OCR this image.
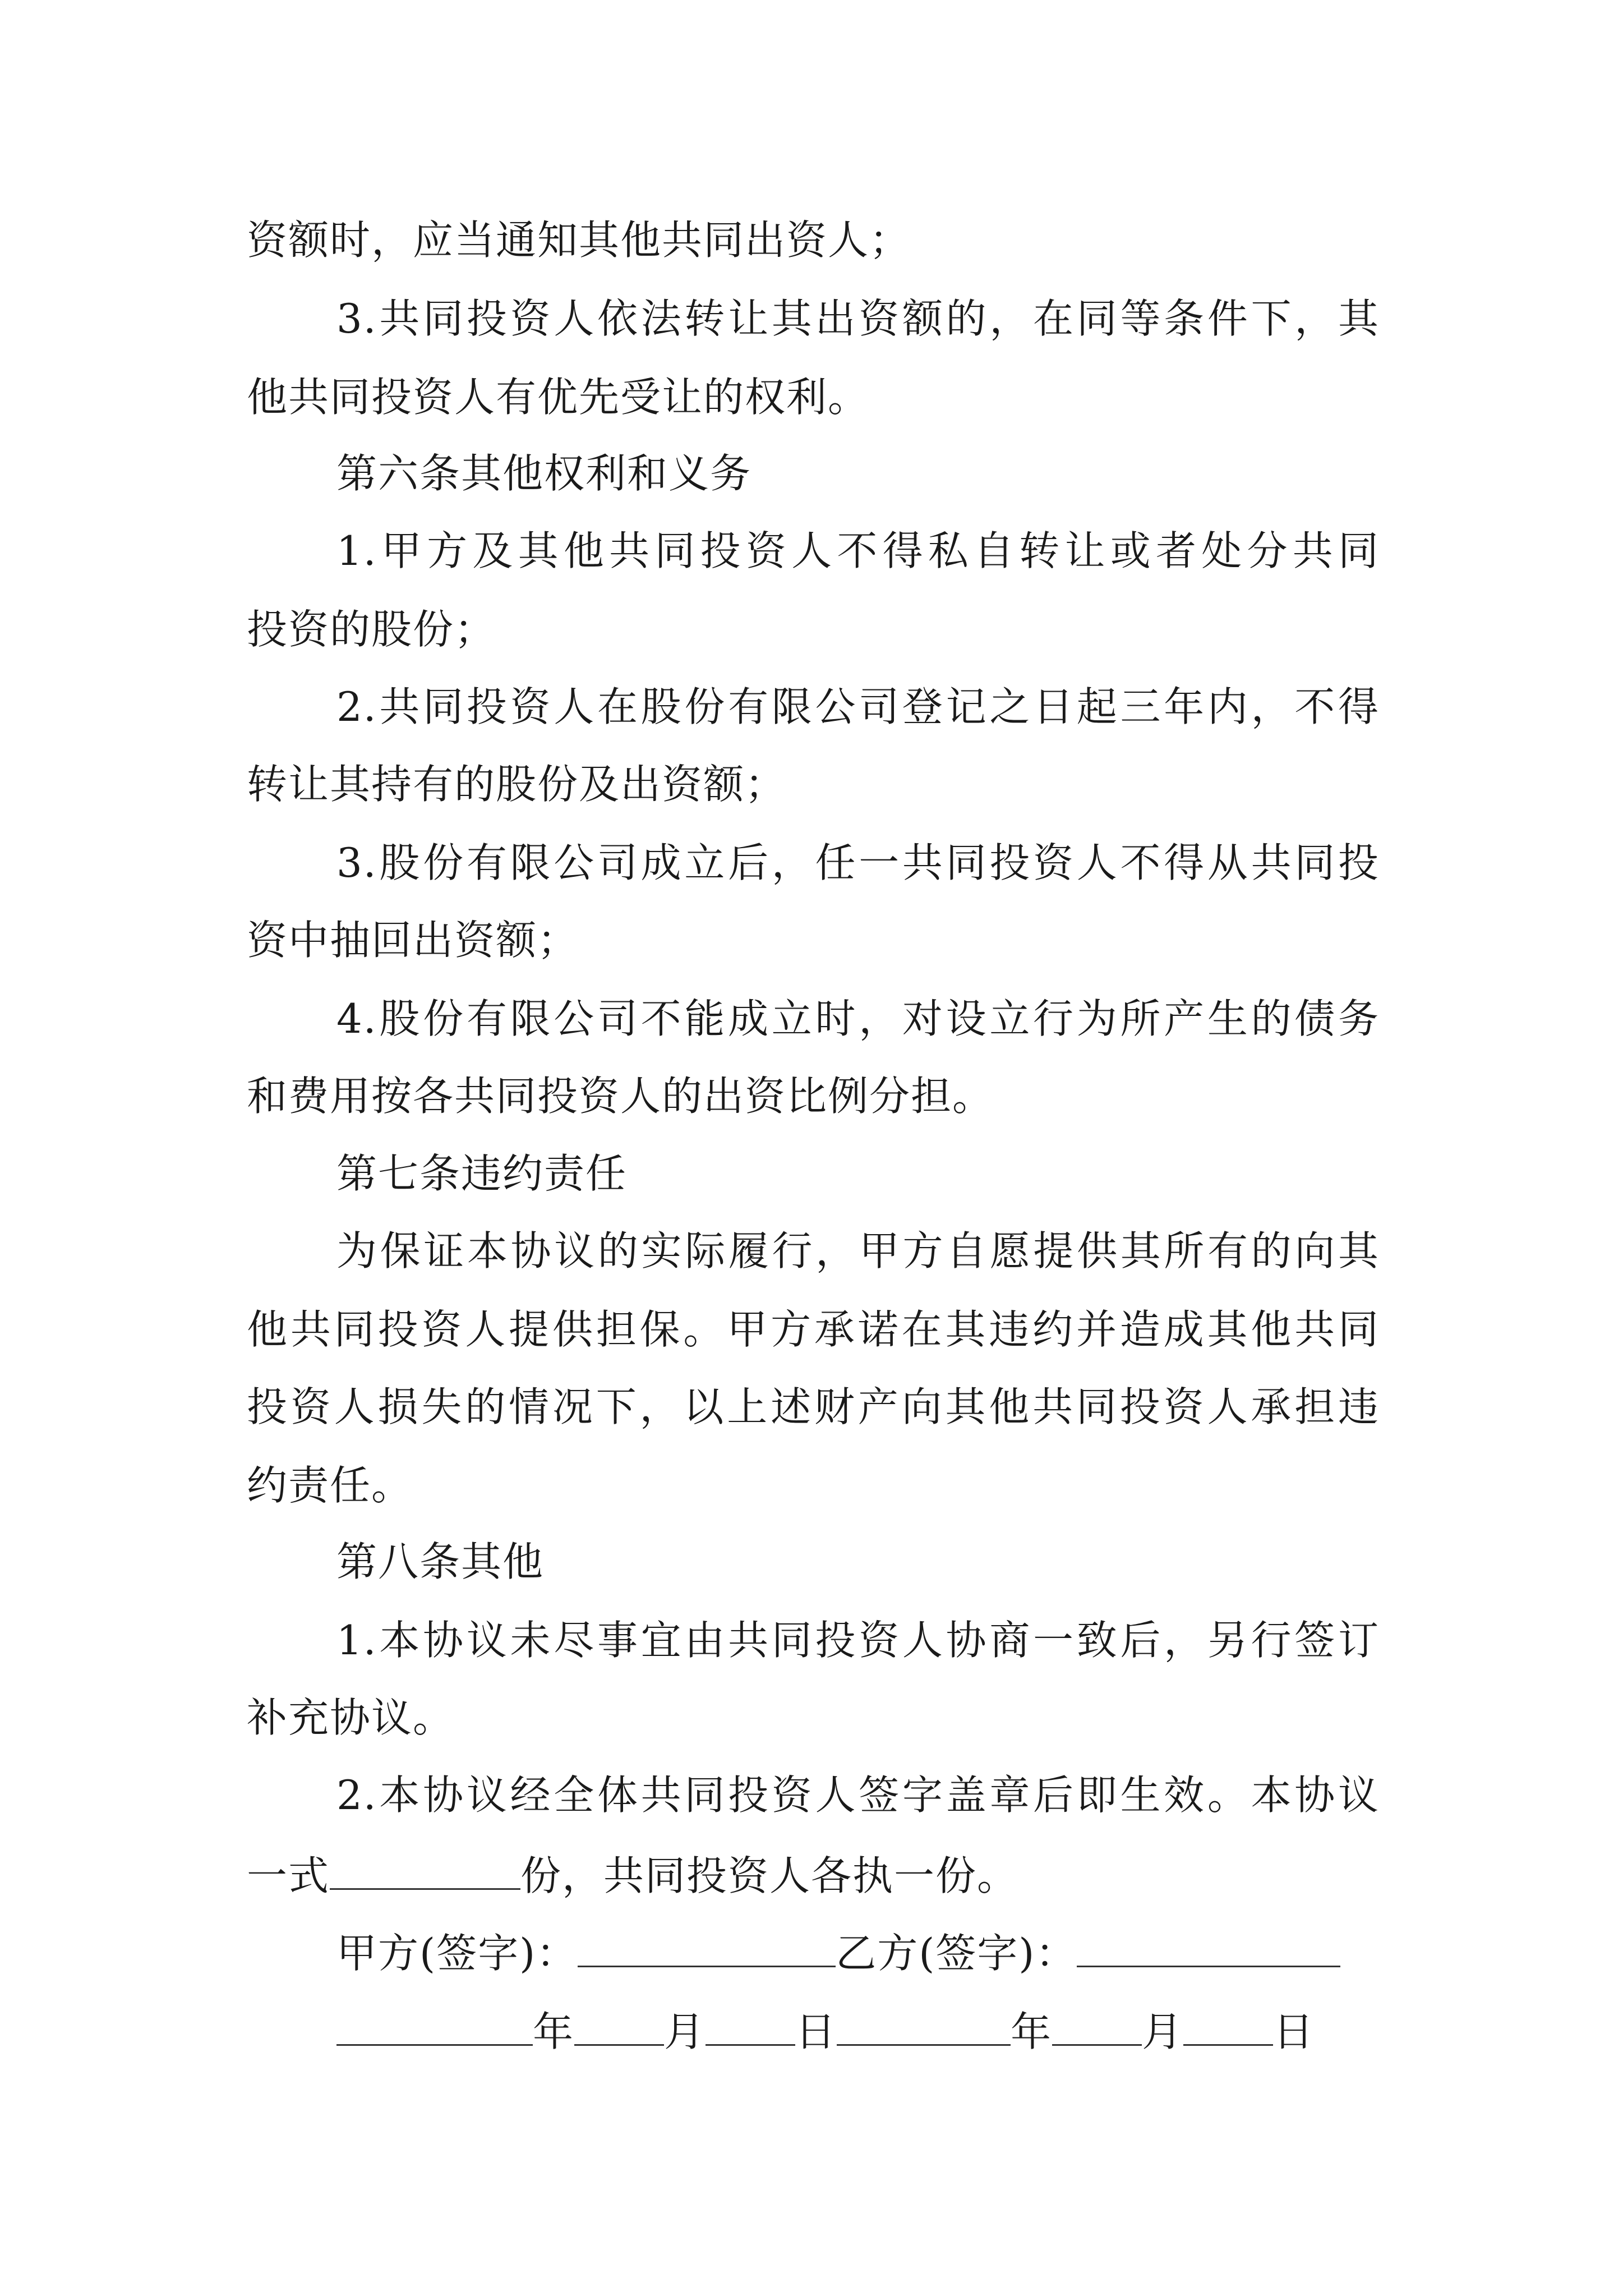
资额时，应当通知其他共同出资人；
3.共同投资人依法转让其出资额的，在同等条件下，其
他共同投资人有优先受让的权利。
第六条其他权利和义务
1.甲方及其他共同投资人不得私自转让或者处分共同
投资的股份；
2.共同投资人在股份有限公司登记之日起三年内，不得
转让其持有的股份及出资额；
3.股份有限公司成立后，任一共同投资人不得从共同投
资中抽回出资额；
4.股份有限公司不能成立时，对设立行为所产生的债务
和费用按各共同投资人的出资比例分担。
第七条违约责任
为保证本协议的实际履行，甲方自愿提供其所有的向其
他共同投资人提供担保。甲方承诺在其违约并造成其他共同
投资人损失的情况下，以上述财产向其他共同投资人承担违
约责任。
第八条其他
1.本协议未尽事宜由共同投资人协商一致后，另行签订
补充协议。
2.本协议经全体共同投资人签字盖章后即生效。本协议
一式	份，共同投资人各执一份。
甲方(签字)：	乙方(签字)：
年 月 日	年 月 日
